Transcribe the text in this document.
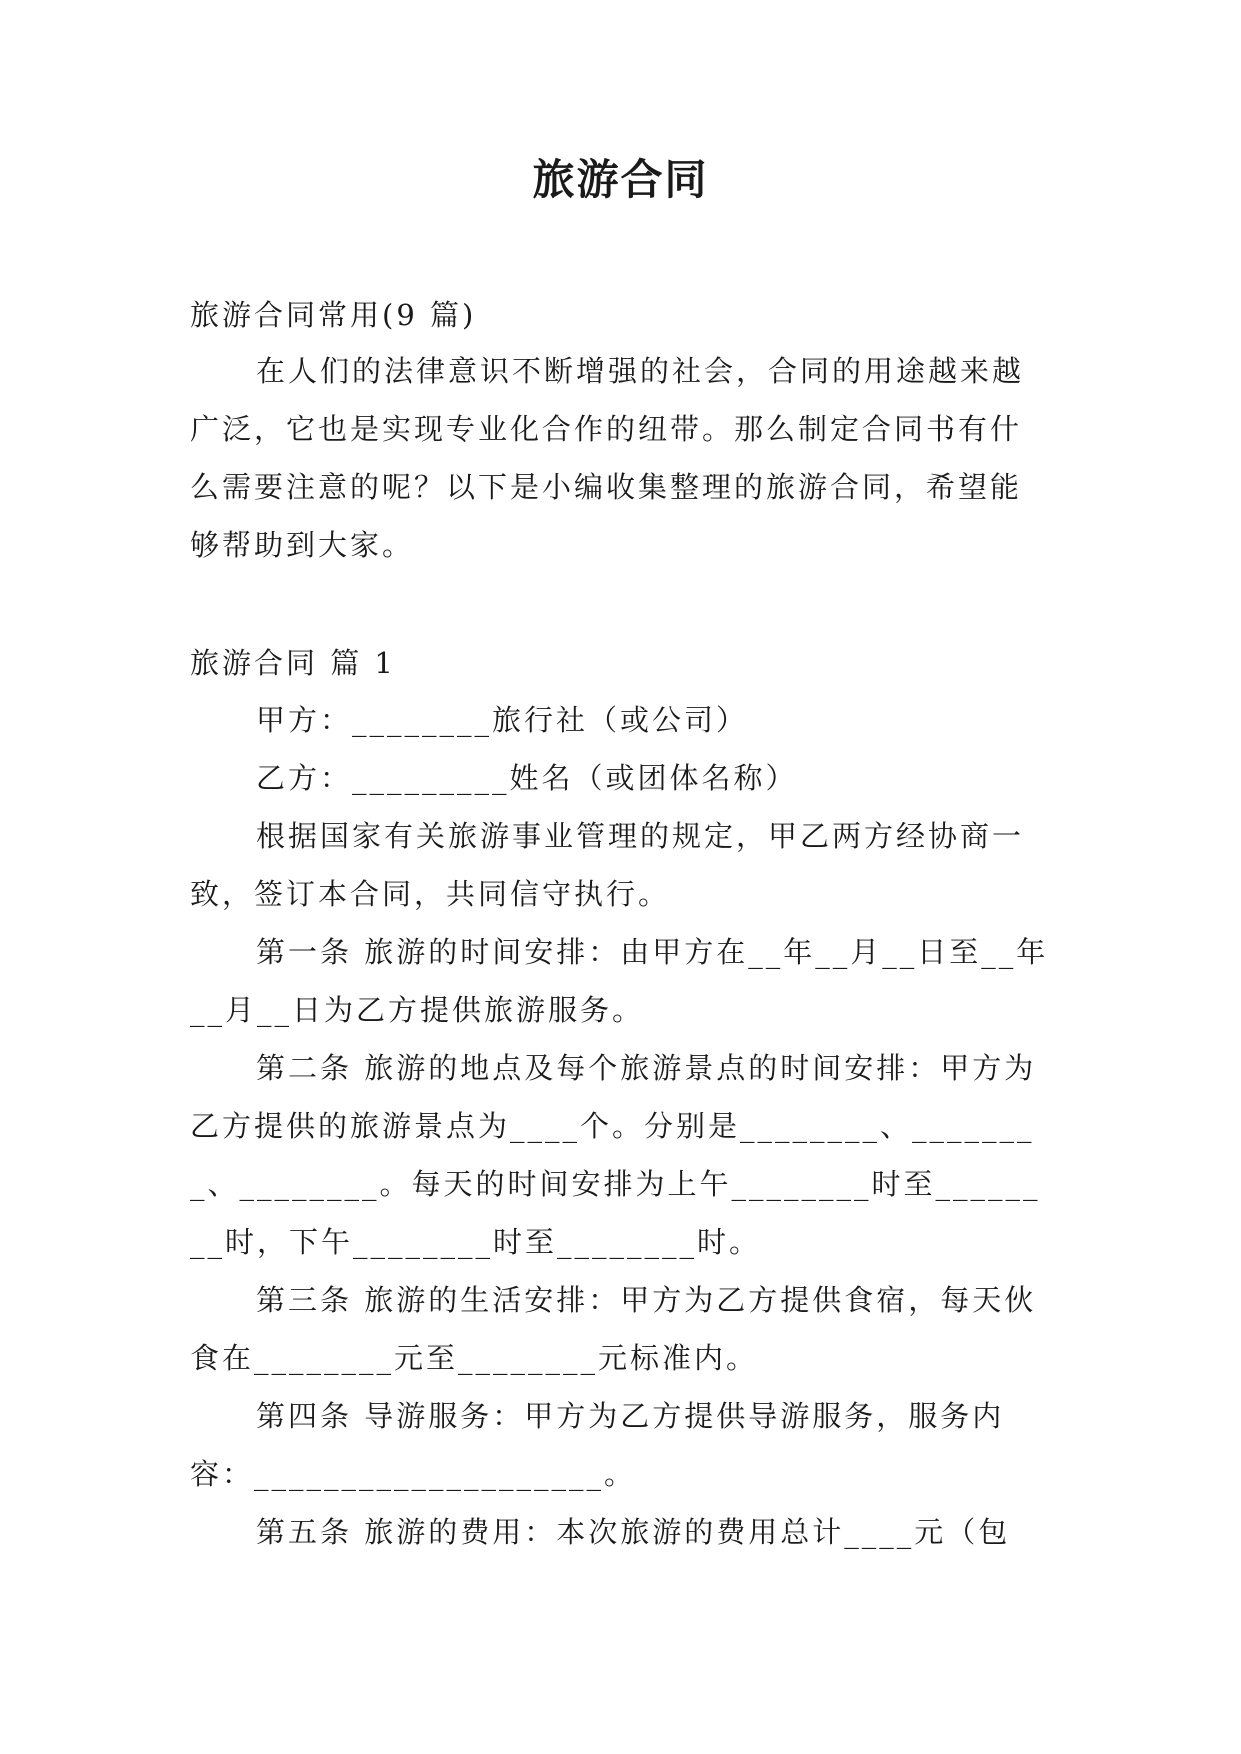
旅游合同
旅游合同常用(9 篇)

在人们的法律意识不断增强的社会，合同的用途越来越广泛，它也是实现专业化合作的纽带。那么制定合同书有什么需要注意的呢？以下是小编收集整理的旅游合同，希望能够帮助到大家。

旅游合同 篇 1

甲方：________旅行社（或公司）

乙方：_________姓名（或团体名称）

根据国家有关旅游事业管理的规定，甲乙两方经协商一致，签订本合同，共同信守执行。

第一条 旅游的时间安排：由甲方在__年__月__日至__年__月__日为乙方提供旅游服务。

第二条 旅游的地点及每个旅游景点的时间安排：甲方为乙方提供的旅游景点为____个。分别是________、________、________。每天的时间安排为上午________时至________时，下午________时至________时。

第三条 旅游的生活安排：甲方为乙方提供食宿，每天伙食在________元至________元标准内。

第四条 导游服务：甲方为乙方提供导游服务，服务内容：____________________。

第五条 旅游的费用：本次旅游的费用总计____元（包
